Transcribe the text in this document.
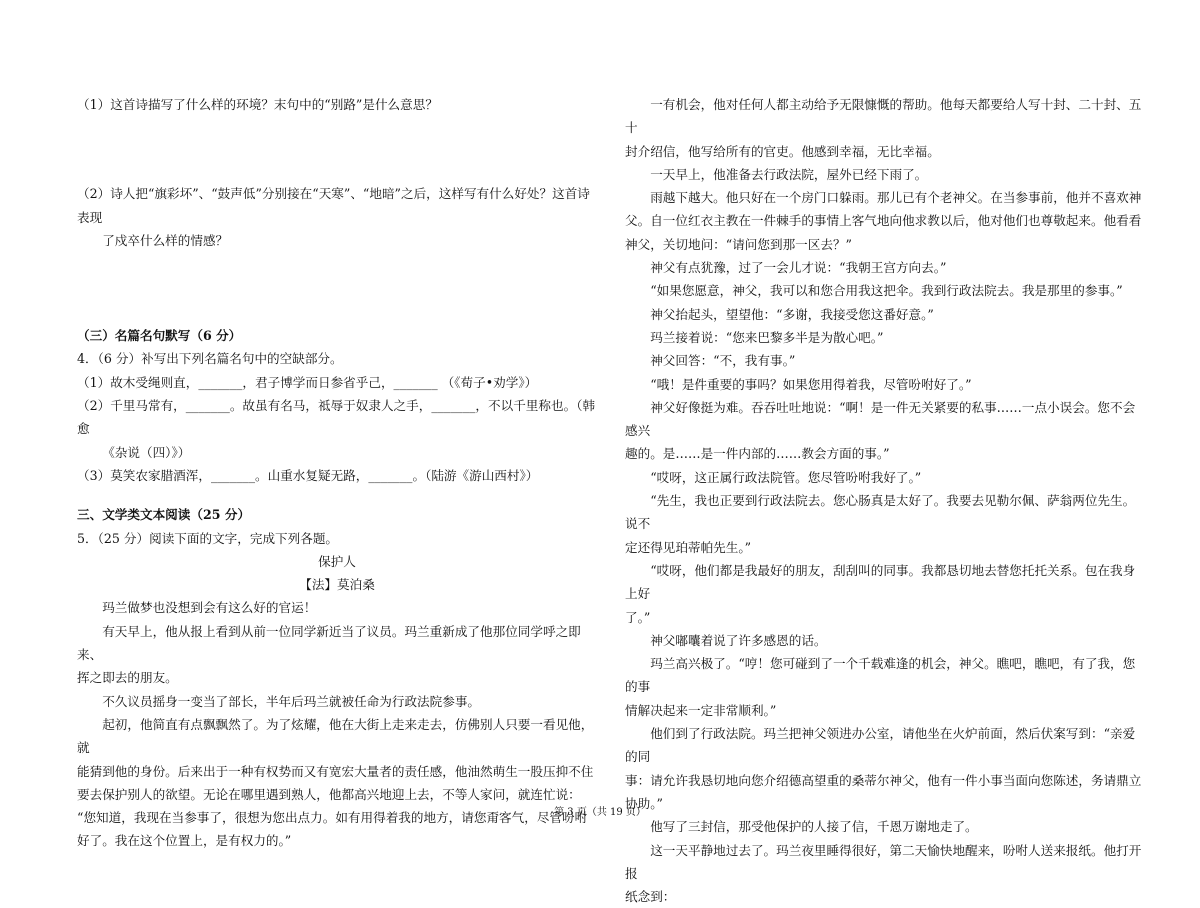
（1）这首诗描写了什么样的环境？末句中的“别路”是什么意思？

（2）诗人把“旗彩坏”、“鼓声低”分别接在“天寒”、“地暗”之后，这样写有什么好处？这首诗表现

了戍卒什么样的情感？

（三）名篇名句默写（6 分）

4．（6 分）补写出下列名篇名句中的空缺部分。

（1）故木受绳则直，_______，君子博学而日参省乎己，_______ （《荀子•劝学》）

（2）千里马常有，_______。故虽有名马，祗辱于奴隶人之手，_______，不以千里称也。（韩愈

《杂说（四）》）

（3）莫笑农家腊酒浑，_______。山重水复疑无路，_______。（陆游《游山西村》）

三、文学类文本阅读（25 分）

5．（25 分）阅读下面的文字，完成下列各题。

保护人

【法】莫泊桑

玛兰做梦也没想到会有这么好的官运！

有天早上，他从报上看到从前一位同学新近当了议员。玛兰重新成了他那位同学呼之即来、

挥之即去的朋友。

不久议员摇身一变当了部长，半年后玛兰就被任命为行政法院参事。

起初，他简直有点飘飘然了。为了炫耀，他在大街上走来走去，仿佛别人只要一看见他，就

能猜到他的身份。后来出于一种有权势而又有宽宏大量者的责任感，他油然萌生一股压抑不住

要去保护别人的欲望。无论在哪里遇到熟人，他都高兴地迎上去，不等人家问，就连忙说：

“您知道，我现在当参事了，很想为您出点力。如有用得着我的地方，请您甭客气，尽管吩咐

好了。我在这个位置上，是有权力的。”

一有机会，他对任何人都主动给予无限慷慨的帮助。他每天都要给人写十封、二十封、五十

封介绍信，他写给所有的官吏。他感到幸福，无比幸福。

一天早上，他准备去行政法院，屋外已经下雨了。

雨越下越大。他只好在一个房门口躲雨。那儿已有个老神父。在当参事前，他并不喜欢神

父。自一位红衣主教在一件棘手的事情上客气地向他求教以后，他对他们也尊敬起来。他看看

神父，关切地问：“请问您到那一区去？”

神父有点犹豫，过了一会儿才说：“我朝王宫方向去。”

“如果您愿意，神父，我可以和您合用我这把伞。我到行政法院去。我是那里的参事。”

神父抬起头，望望他：“多谢，我接受您这番好意。”

玛兰接着说：“您来巴黎多半是为散心吧。”

神父回答：“不，我有事。”

“哦！是件重要的事吗？如果您用得着我，尽管吩咐好了。”

神父好像挺为难。吞吞吐吐地说：“啊！是一件无关紧要的私事……一点小误会。您不会感兴

趣的。是……是一件内部的……教会方面的事。”

“哎呀，这正属行政法院管。您尽管吩咐我好了。”

“先生，我也正要到行政法院去。您心肠真是太好了。我要去见勒尔佩、萨翁两位先生。说不

定还得见珀蒂帕先生。”

“哎呀，他们都是我最好的朋友，刮刮叫的同事。我都恳切地去替您托托关系。包在我身上好

了。”

神父嘟囔着说了许多感恩的话。

玛兰高兴极了。“哼！您可碰到了一个千载难逢的机会，神父。瞧吧，瞧吧，有了我，您的事

情解决起来一定非常顺利。”

他们到了行政法院。玛兰把神父领进办公室，请他坐在火炉前面，然后伏案写到：“亲爱的同

事：请允许我恳切地向您介绍德高望重的桑蒂尔神父，他有一件小事当面向您陈述，务请鼎立

协助。”

他写了三封信，那受他保护的人接了信，千恩万谢地走了。

这一天平静地过去了。玛兰夜里睡得很好，第二天愉快地醒来，吩咐人送来报纸。他打开报

纸念到：

第 3 页（共 19 页）
